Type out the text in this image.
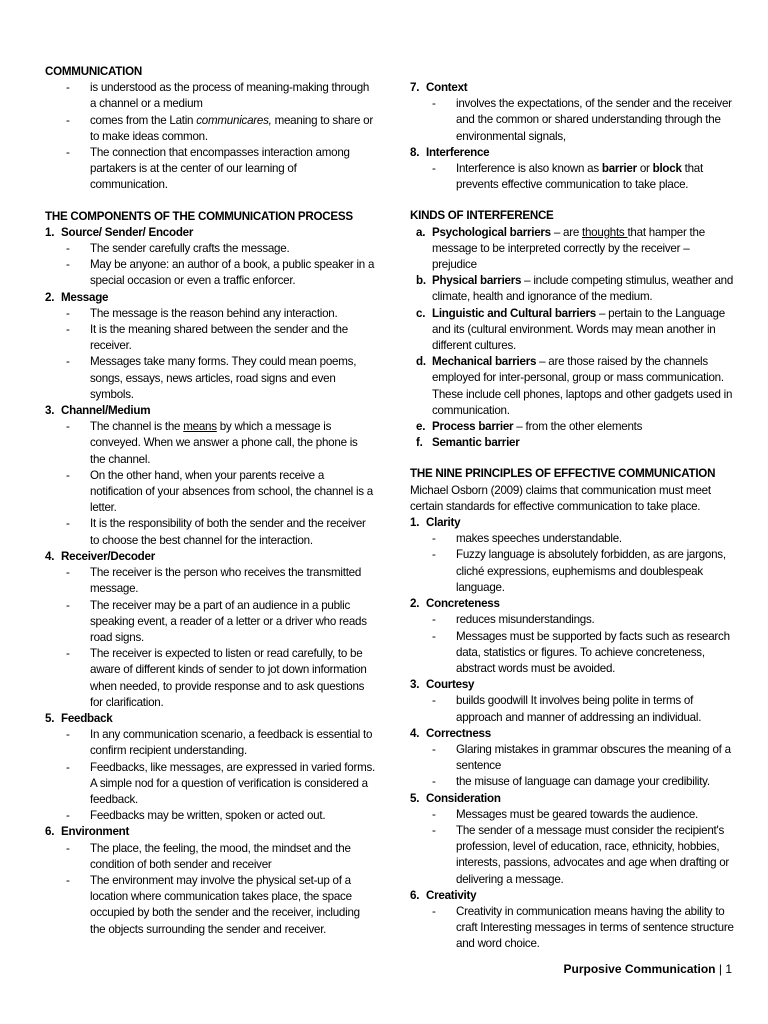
COMMUNICATION
-	is understood as the process of meaning-making through a channel or a medium
-	comes from the Latin communicares, meaning to share or to make ideas common.
-	The connection that encompasses interaction among partakers is at the center of our learning of communication.
THE COMPONENTS OF THE COMMUNICATION PROCESS
1. Source/ Sender/ Encoder
-	The sender carefully crafts the message.
-	May be anyone: an author of a book, a public speaker in a special occasion or even a traffic enforcer.
2. Message
-	The message is the reason behind any interaction.
-	It is the meaning shared between the sender and the receiver.
-	Messages take many forms. They could mean poems, songs, essays, news articles, road signs and even symbols.
3. Channel/Medium
-	The channel is the means by which a message is conveyed. When we answer a phone call, the phone is the channel.
-	On the other hand, when your parents receive a notification of your absences from school, the channel is a letter.
-	It is the responsibility of both the sender and the receiver to choose the best channel for the interaction.
4. Receiver/Decoder
-	The receiver is the person who receives the transmitted message.
-	The receiver may be a part of an audience in a public speaking event, a reader of a letter or a driver who reads road signs.
-	The receiver is expected to listen or read carefully, to be aware of different kinds of sender to jot down information when needed, to provide response and to ask questions for clarification.
5. Feedback
-	In any communication scenario, a feedback is essential to confirm recipient understanding.
-	Feedbacks, like messages, are expressed in varied forms. A simple nod for a question of verification is considered a feedback.
-	Feedbacks may be written, spoken or acted out.
6. Environment
-	The place, the feeling, the mood, the mindset and the condition of both sender and receiver
-	The environment may involve the physical set-up of a location where communication takes place, the space occupied by both the sender and the receiver, including the objects surrounding the sender and receiver.
7. Context
-	involves the expectations, of the sender and the receiver and the common or shared understanding through the environmental signals,
8. Interference
-	Interference is also known as barrier or block that prevents effective communication to take place.
KINDS OF INTERFERENCE
a. Psychological barriers – are thoughts that hamper the message to be interpreted correctly by the receiver – prejudice
b. Physical barriers – include competing stimulus, weather and climate, health and ignorance of the medium.
c. Linguistic and Cultural barriers – pertain to the Language and its (cultural environment. Words may mean another in different cultures.
d. Mechanical barriers – are those raised by the channels employed for inter-personal, group or mass communication. These include cell phones, laptops and other gadgets used in communication.
e. Process barrier – from the other elements
f. Semantic barrier
THE NINE PRINCIPLES OF EFFECTIVE COMMUNICATION
Michael Osborn (2009) claims that communication must meet certain standards for effective communication to take place.
1. Clarity
-	makes speeches understandable.
-	Fuzzy language is absolutely forbidden, as are jargons, cliché expressions, euphemisms and doublespeak language.
2. Concreteness
-	reduces misunderstandings.
-	Messages must be supported by facts such as research data, statistics or figures. To achieve concreteness, abstract words must be avoided.
3. Courtesy
-	builds goodwill It involves being polite in terms of approach and manner of addressing an individual.
4. Correctness
-	Glaring mistakes in grammar obscures the meaning of a sentence
-	the misuse of language can damage your credibility.
5. Consideration
-	Messages must be geared towards the audience.
-	The sender of a message must consider the recipient's profession, level of education, race, ethnicity, hobbies, interests, passions, advocates and age when drafting or delivering a message.
6. Creativity
-	Creativity in communication means having the ability to craft Interesting messages in terms of sentence structure and word choice.
Purposive Communication | 1
